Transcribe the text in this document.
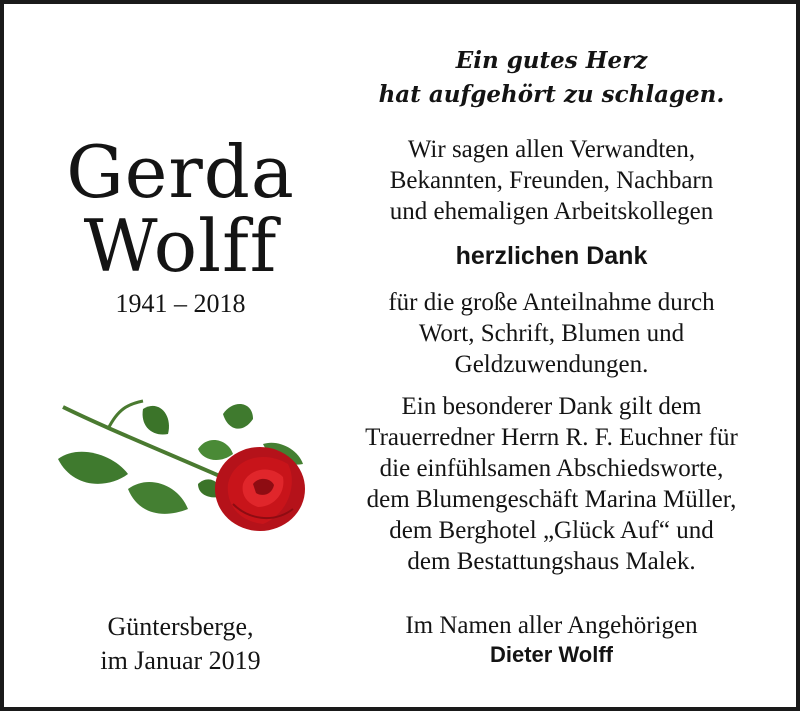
Gerda
Wolff
1941 – 2018
Güntersberge,
im Januar 2019
Ein gutes Herz
hat aufgehört zu schlagen.
Wir sagen allen Verwandten,
Bekannten, Freunden, Nachbarn
und ehemaligen Arbeitskollegen
herzlichen Dank
für die große Anteilnahme durch
Wort, Schrift, Blumen und
Geldzuwendungen.
Ein besonderer Dank gilt dem
Trauerredner Herrn R. F. Euchner für
die einfühlsamen Abschiedsworte,
dem Blumengeschäft Marina Müller,
dem Berghotel „Glück Auf“ und
dem Bestattungshaus Malek.
Im Namen aller Angehörigen
Dieter Wolff
